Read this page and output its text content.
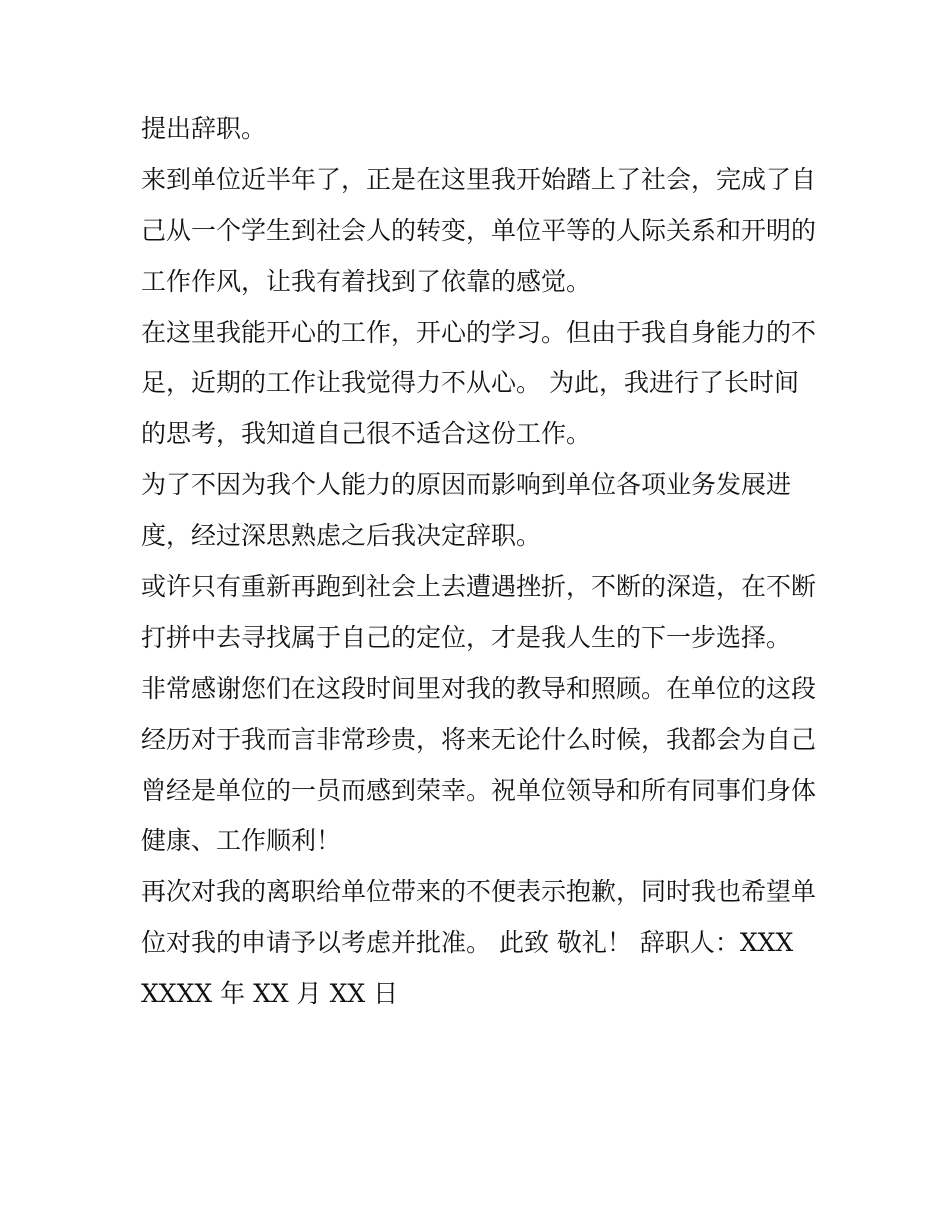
提出辞职。
来到单位近半年了，正是在这里我开始踏上了社会，完成了自
己从一个学生到社会人的转变，单位平等的人际关系和开明的
工作作风，让我有着找到了依靠的感觉。
在这里我能开心的工作，开心的学习。但由于我自身能力的不
足，近期的工作让我觉得力不从心。 为此，我进行了长时间
的思考，我知道自己很不适合这份工作。
为了不因为我个人能力的原因而影响到单位各项业务发展进
度，经过深思熟虑之后我决定辞职。
或许只有重新再跑到社会上去遭遇挫折，不断的深造，在不断
打拼中去寻找属于自己的定位，才是我人生的下一步选择。
非常感谢您们在这段时间里对我的教导和照顾。在单位的这段
经历对于我而言非常珍贵，将来无论什么时候，我都会为自己
曾经是单位的一员而感到荣幸。祝单位领导和所有同事们身体
健康、工作顺利！
再次对我的离职给单位带来的不便表示抱歉，同时我也希望单
位对我的申请予以考虑并批准。 此致 敬礼！ 辞职人：XXX
XXXX 年 XX 月 XX 日
